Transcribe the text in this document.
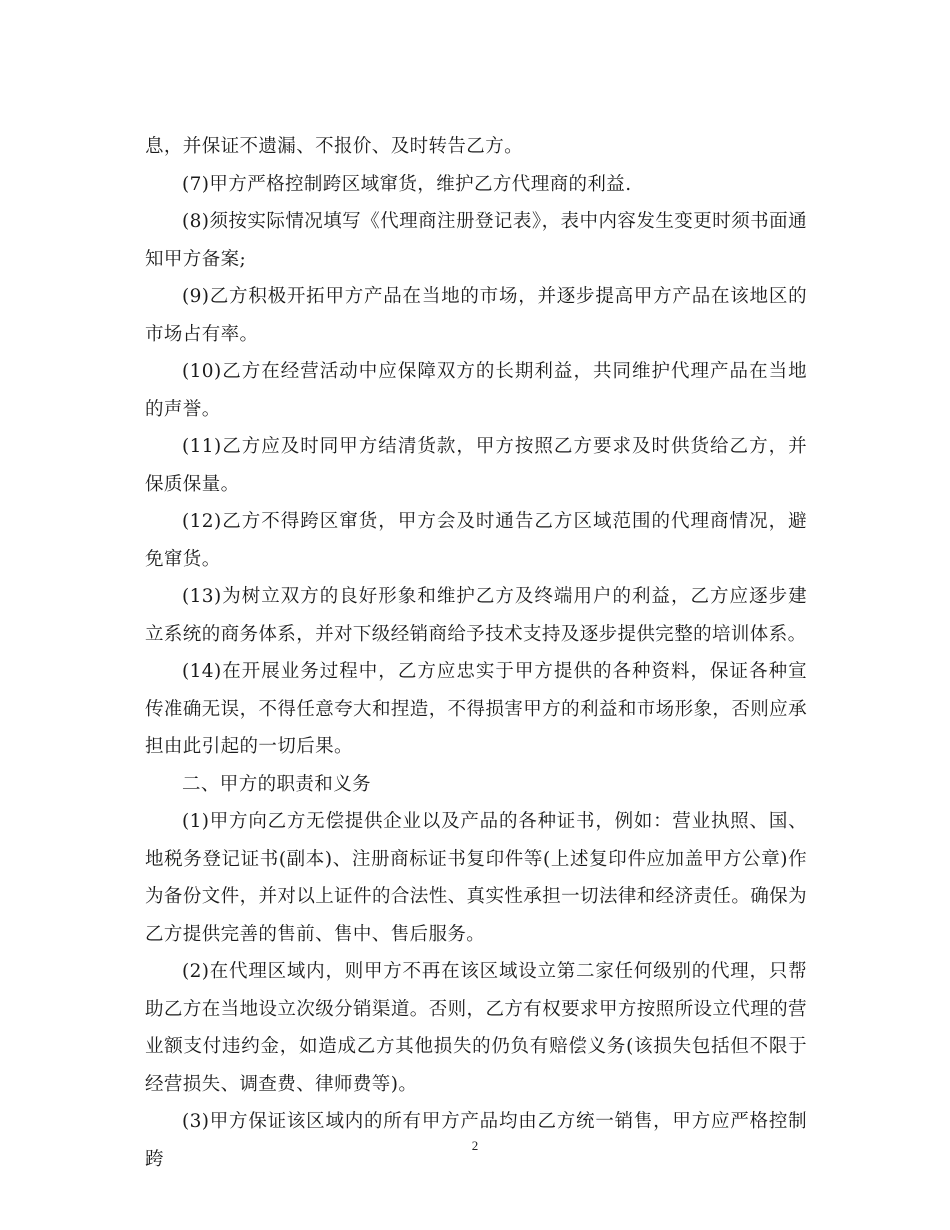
息，并保证不遗漏、不报价、及时转告乙方。

(7)甲方严格控制跨区域窜货，维护乙方代理商的利益.

(8)须按实际情况填写《代理商注册登记表》，表中内容发生变更时须书面通知甲方备案;

(9)乙方积极开拓甲方产品在当地的市场，并逐步提高甲方产品在该地区的市场占有率。

(10)乙方在经营活动中应保障双方的长期利益，共同维护代理产品在当地的声誉。

(11)乙方应及时同甲方结清货款，甲方按照乙方要求及时供货给乙方，并保质保量。

(12)乙方不得跨区窜货，甲方会及时通告乙方区域范围的代理商情况，避免窜货。

(13)为树立双方的良好形象和维护乙方及终端用户的利益，乙方应逐步建立系统的商务体系，并对下级经销商给予技术支持及逐步提供完整的培训体系。

(14)在开展业务过程中，乙方应忠实于甲方提供的各种资料，保证各种宣传准确无误，不得任意夸大和捏造，不得损害甲方的利益和市场形象，否则应承担由此引起的一切后果。

二、甲方的职责和义务

(1)甲方向乙方无偿提供企业以及产品的各种证书，例如：营业执照、国、地税务登记证书(副本)、注册商标证书复印件等(上述复印件应加盖甲方公章)作为备份文件，并对以上证件的合法性、真实性承担一切法律和经济责任。确保为乙方提供完善的售前、售中、售后服务。

(2)在代理区域内，则甲方不再在该区域设立第二家任何级别的代理，只帮助乙方在当地设立次级分销渠道。否则，乙方有权要求甲方按照所设立代理的营业额支付违约金，如造成乙方其他损失的仍负有赔偿义务(该损失包括但不限于经营损失、调查费、律师费等)。

(3)甲方保证该区域内的所有甲方产品均由乙方统一销售，甲方应严格控制跨

2
